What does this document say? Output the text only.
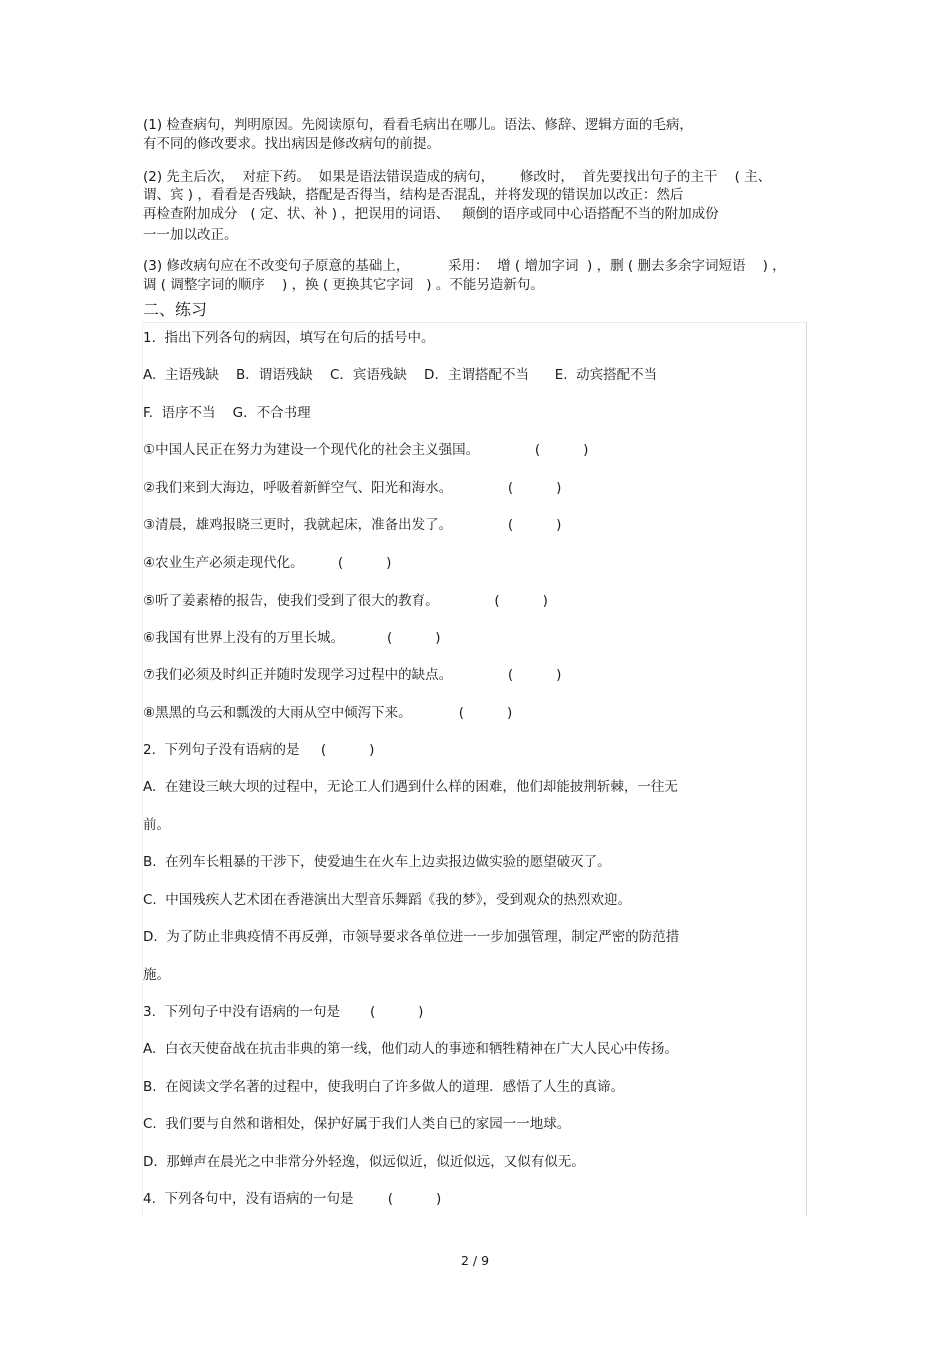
(1) 检查病句，判明原因。先阅读原句，看看毛病出在哪儿。语法、修辞、逻辑方面的毛病，
有不同的修改要求。找出病因是修改病句的前提。
(2) 先主后次，  对症下药。  如果是语法错误造成的病句，      修改时，  首先要找出句子的主干    ( 主、
谓、宾 ) ，看看是否残缺，搭配是否得当，结构是否混乱，并将发现的错误加以改正：然后
再检查附加成分   ( 定、状、补 ) ，把误用的词语、   颠倒的语序或同中心语搭配不当的附加成份
一一加以改正。
(3) 修改病句应在不改变句子原意的基础上，         采用：  增 ( 增加字词  ) ，删 ( 删去多余字词短语    ) ，
调 ( 调整字词的顺序    ) ，换 ( 更换其它字词   ) 。不能另造新句。
二、练习
1.  指出下列各句的病因，填写在句后的括号中。
A.  主语残缺    B．谓语残缺    C．宾语残缺    D．主谓搭配不当      E.  动宾搭配不当
F.  语序不当    G．不合书理
①中国人民正在努力为建设一个现代化的社会主义强国。             (          )
②我们来到大海边，呼吸着新鲜空气、阳光和海水。             (          )
③清晨，雄鸡报晓三更时，我就起床，准备出发了。             (          )
④农业生产必须走现代化。        (          )
⑤听了姜素椿的报告，使我们受到了很大的教育。             (          )
⑥我国有世界上没有的万里长城。          (          )
⑦我们必须及时纠正并随时发现学习过程中的缺点。             (          )
⑧黑黑的乌云和瓢泼的大雨从空中倾泻下来。           (          )
2.  下列句子没有语病的是     (          )
A.  在建设三峡大坝的过程中，无论工人们遇到什么样的困难，他们却能披荆斩棘，一往无
前。
B.  在列车长粗暴的干涉下，使爱迪生在火车上边卖报边做实验的愿望破灭了。
C.  中国残疾人艺术团在香港演出大型音乐舞蹈《我的梦》，受到观众的热烈欢迎。
D.  为了防止非典疫情不再反弹，市领导要求各单位进一一步加强管理，制定严密的防范措
施。
3.  下列句子中没有语病的一句是       (          )
A.  白衣天使奋战在抗击非典的第一线，他们动人的事迹和牺牲精神在广大人民心中传扬。
B.  在阅读文学名著的过程中，使我明白了许多做人的道理．感悟了人生的真谛。
C.  我们要与自然和谐相处，保护好属于我们人类自已的家园一一地球。
D.  那蝉声在晨光之中非常分外轻逸，似远似近，似近似远，又似有似无。
4.  下列各句中，没有语病的一句是        (          )
2 / 9
